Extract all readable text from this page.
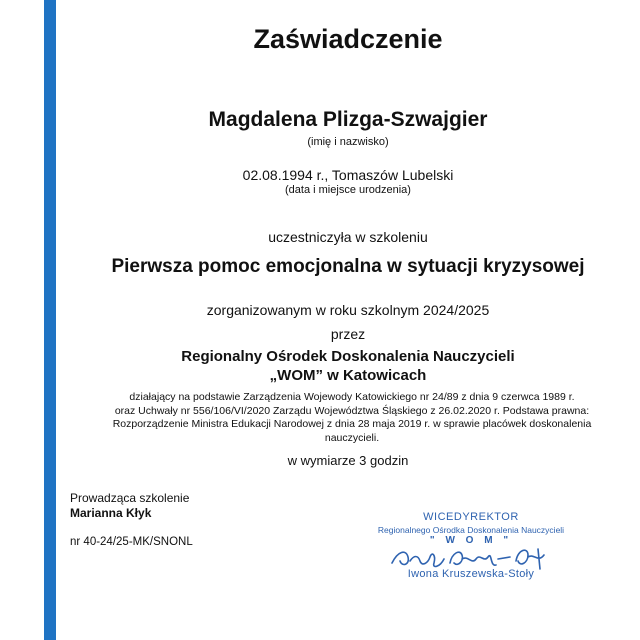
Zaświadczenie
Magdalena Plizga-Szwajgier
(imię i nazwisko)
02.08.1994 r., Tomaszów Lubelski
(data i miejsce urodzenia)
uczestniczyła w szkoleniu
Pierwsza pomoc emocjonalna w sytuacji kryzysowej
zorganizowanym w roku szkolnym 2024/2025
przez
Regionalny Ośrodek Doskonalenia Nauczycieli
„WOM” w Katowicach
działający na podstawie Zarządzenia Wojewody Katowickiego nr 24/89 z dnia 9 czerwca 1989 r.
oraz Uchwały nr 556/106/VI/2020 Zarządu Województwa Śląskiego z 26.02.2020 r. Podstawa prawna:
Rozporządzenie Ministra Edukacji Narodowej z dnia 28 maja 2019 r. w sprawie placówek doskonalenia
nauczycieli.
w wymiarze 3 godzin
Prowadząca szkolenie
Marianna Kłyk
nr 40-24/25-MK/SNONL
WICEDYREKTOR
Regionalnego Ośrodka Doskonalenia Nauczycieli
" W O M "
Iwona Kruszewska-Stoły
